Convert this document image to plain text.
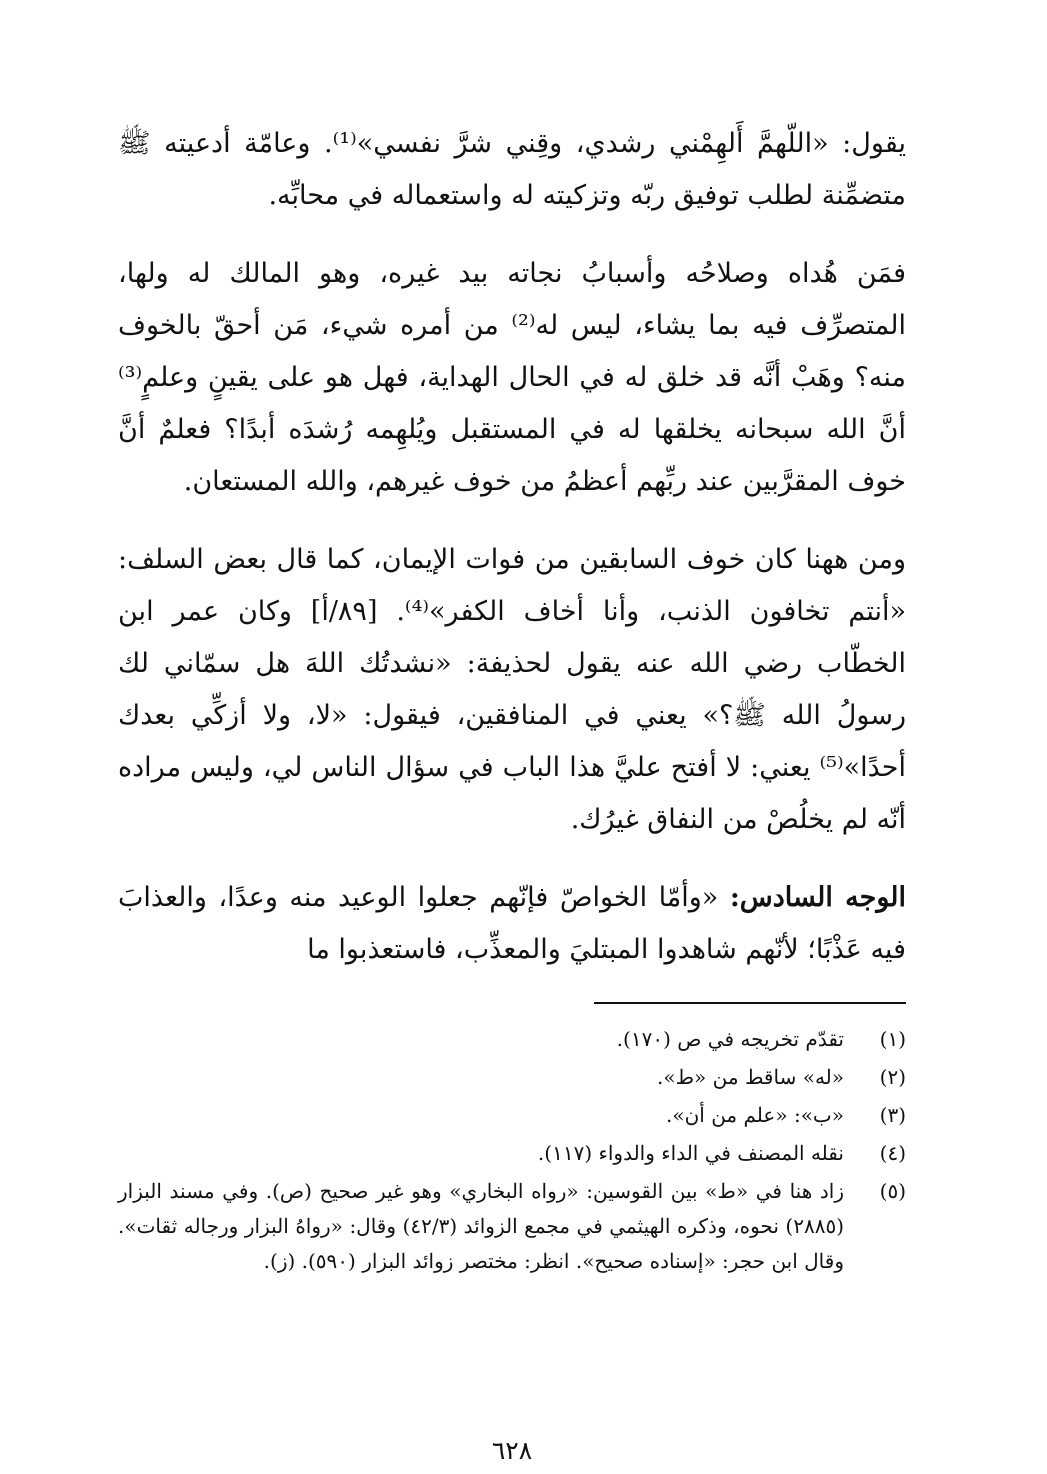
يقول: «اللّهمَّ أَلهِمْني رشدي، وقِني شرَّ نفسي»⁽¹⁾. وعامّة أدعيته ﷺ متضمِّنة لطلب توفيق ربّه وتزكيته له واستعماله في محابِّه.

فمَن هُداه وصلاحُه وأسبابُ نجاته بيد غيره، وهو المالك له ولها، المتصرِّف فيه بما يشاء، ليس له⁽²⁾ من أمره شيء، مَن أحقّ بالخوف منه؟ وهَبْ أنَّه قد خلق له في الحال الهداية، فهل هو على يقينٍ وعلمٍ⁽³⁾ أنَّ الله سبحانه يخلقها له في المستقبل ويُلهِمه رُشدَه أبدًا؟ فعلمٌ أنَّ خوف المقرَّبين عند ربِّهم أعظمُ من خوف غيرهم، والله المستعان.

ومن ههنا كان خوف السابقين من فوات الإيمان، كما قال بعض السلف: «أنتم تخافون الذنب، وأنا أخاف الكفر»⁽⁴⁾. [٨٩/أ] وكان عمر ابن الخطّاب رضي الله عنه يقول لحذيفة: «نشدتُك اللهَ هل سمّاني لك رسولُ الله ﷺ؟» يعني في المنافقين، فيقول: «لا، ولا أزكِّي بعدك أحدًا»⁽⁵⁾ يعني: لا أفتح عليَّ هذا الباب في سؤال الناس لي، وليس مراده أنّه لم يخلُصْ من النفاق غيرُك.

الوجه السادس: «وأمّا الخواصّ فإنّهم جعلوا الوعيد منه وعدًا، والعذابَ فيه عَذْبًا؛ لأنّهم شاهدوا المبتليَ والمعذِّب، فاستعذبوا ما

(١)
تقدّم تخريجه في ص (١٧٠).
(٢)
«له» ساقط من «ط».
(٣)
«ب»: «علم من أن».
(٤)
نقله المصنف في الداء والدواء (١١٧).
(٥)
زاد هنا في «ط» بين القوسين: «رواه البخاري» وهو غير صحيح (ص). وفي مسند البزار (٢٨٨٥) نحوه، وذكره الهيثمي في مجمع الزوائد (٤٢/٣) وقال: «رواهُ البزار ورجاله ثقات». وقال ابن حجر: «إسناده صحيح». انظر: مختصر زوائد البزار (٥٩٠). (ز).
٦٢٨
